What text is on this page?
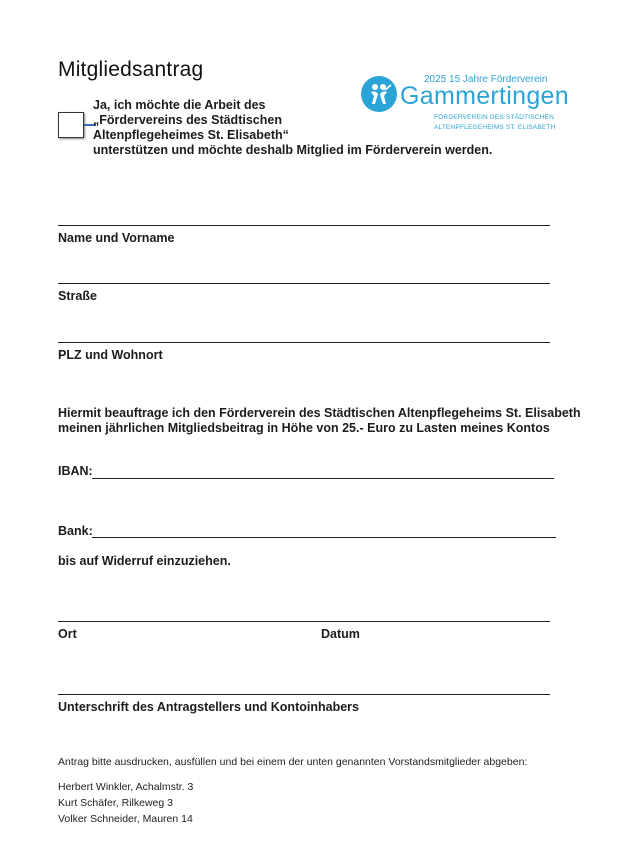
Mitgliedsantrag
Ja, ich möchte die Arbeit des
„Fördervereins des Städtischen
Altenpflegeheimes St. Elisabeth“
unterstützen und möchte deshalb Mitglied im Förderverein werden.
2025 15 Jahre Förderverein
Gammertingen
FÖRDERVEREIN DES STÄDTISCHEN
ALTENPFLEGEHEIMS ST. ELISABETH
Name und Vorname
Straße
PLZ und Wohnort
Hiermit beauftrage ich den Förderverein des Städtischen Altenpflegeheims St. Elisabeth
meinen jährlichen Mitgliedsbeitrag in Höhe von 25.- Euro zu Lasten meines Kontos
IBAN:
Bank:
bis auf Widerruf einzuziehen.
Ort	Datum
Unterschrift des Antragstellers und Kontoinhabers
Antrag bitte ausdrucken, ausfüllen und bei einem der unten genannten Vorstandsmitglieder abgeben:
Herbert Winkler, Achalmstr. 3
Kurt Schäfer, Rilkeweg 3
Volker Schneider, Mauren 14
